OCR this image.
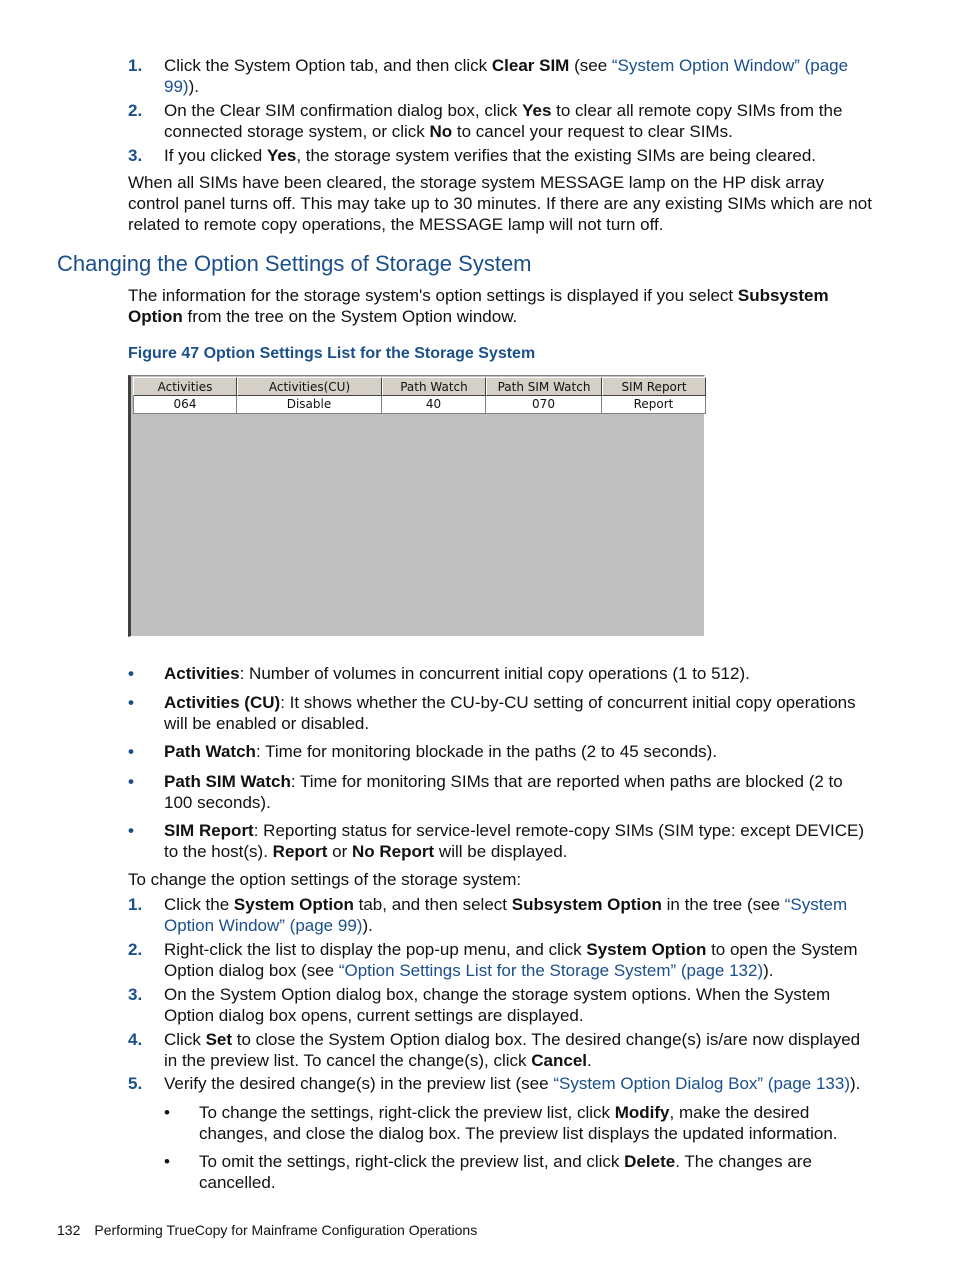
1. Click the System Option tab, and then click Clear SIM (see “System Option Window” (page 99)).
2. On the Clear SIM confirmation dialog box, click Yes to clear all remote copy SIMs from the connected storage system, or click No to cancel your request to clear SIMs.
3. If you clicked Yes, the storage system verifies that the existing SIMs are being cleared.
When all SIMs have been cleared, the storage system MESSAGE lamp on the HP disk array control panel turns off. This may take up to 30 minutes. If there are any existing SIMs which are not related to remote copy operations, the MESSAGE lamp will not turn off.
Changing the Option Settings of Storage System
The information for the storage system's option settings is displayed if you select Subsystem Option from the tree on the System Option window.
Figure 47 Option Settings List for the Storage System
Activities	Activities(CU)	Path Watch	Path SIM Watch	SIM Report
064	Disable	40	070	Report
• Activities: Number of volumes in concurrent initial copy operations (1 to 512).
• Activities (CU): It shows whether the CU-by-CU setting of concurrent initial copy operations will be enabled or disabled.
• Path Watch: Time for monitoring blockade in the paths (2 to 45 seconds).
• Path SIM Watch: Time for monitoring SIMs that are reported when paths are blocked (2 to 100 seconds).
• SIM Report: Reporting status for service-level remote-copy SIMs (SIM type: except DEVICE) to the host(s). Report or No Report will be displayed.
To change the option settings of the storage system:
1. Click the System Option tab, and then select Subsystem Option in the tree (see “System Option Window” (page 99)).
2. Right-click the list to display the pop-up menu, and click System Option to open the System Option dialog box (see “Option Settings List for the Storage System” (page 132)).
3. On the System Option dialog box, change the storage system options. When the System Option dialog box opens, current settings are displayed.
4. Click Set to close the System Option dialog box. The desired change(s) is/are now displayed in the preview list. To cancel the change(s), click Cancel.
5. Verify the desired change(s) in the preview list (see “System Option Dialog Box” (page 133)).
• To change the settings, right-click the preview list, click Modify, make the desired changes, and close the dialog box. The preview list displays the updated information.
• To omit the settings, right-click the preview list, and click Delete. The changes are cancelled.
132 Performing TrueCopy for Mainframe Configuration Operations
